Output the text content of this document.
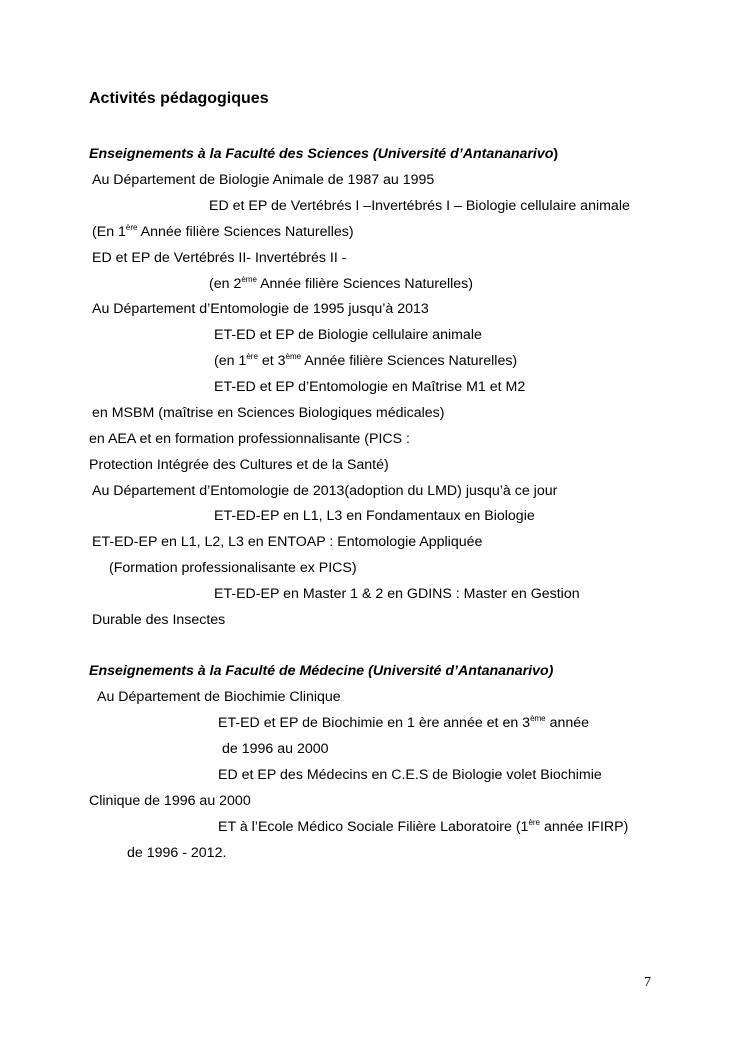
Activités pédagogiques
Enseignements à la Faculté des Sciences (Université d’Antananarivo)
Au Département de Biologie Animale de 1987 au 1995
ED et EP de Vertébrés I –Invertébrés I – Biologie cellulaire animale
(En 1ère Année filière Sciences Naturelles)
ED et EP de Vertébrés II- Invertébrés II -
(en 2ème Année filière Sciences Naturelles)
Au Département d’Entomologie de 1995 jusqu’à 2013
ET-ED et EP de Biologie cellulaire animale
(en 1ère et 3ème Année filière Sciences Naturelles)
ET-ED et EP d’Entomologie en Maîtrise M1 et M2
en MSBM (maîtrise en Sciences Biologiques médicales)
en AEA et en formation professionnalisante (PICS :
Protection Intégrée des Cultures et de la Santé)
Au Département d’Entomologie de 2013(adoption du LMD) jusqu’à ce jour
ET-ED-EP en L1, L3 en Fondamentaux en Biologie
ET-ED-EP en L1, L2, L3 en ENTOAP : Entomologie Appliquée
(Formation professionalisante ex PICS)
ET-ED-EP en Master 1 & 2 en GDINS : Master en Gestion
Durable des Insectes
Enseignements à la Faculté de Médecine (Université d’Antananarivo)
Au Département de Biochimie Clinique
ET-ED et EP de Biochimie en 1 ère année et en 3ème année
de 1996 au 2000
ED et EP des Médecins en C.E.S de Biologie volet Biochimie
Clinique de 1996 au 2000
ET à l’Ecole Médico Sociale Filière Laboratoire (1ère année IFIRP)
de 1996 - 2012.
7
